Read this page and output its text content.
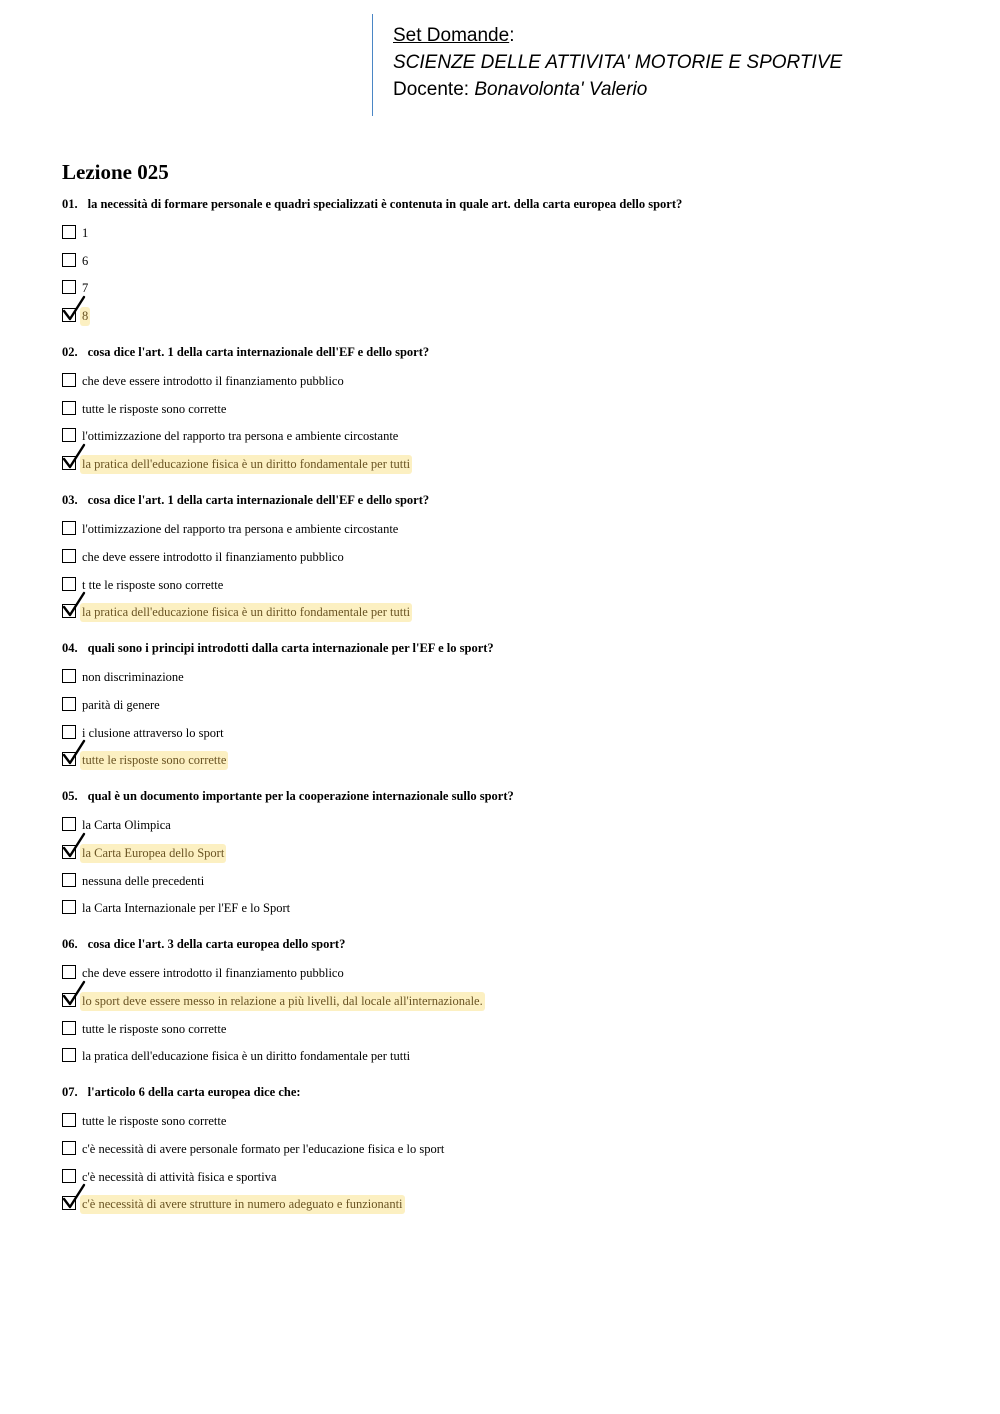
Set Domande:
SCIENZE DELLE ATTIVITA' MOTORIE E SPORTIVE
Docente: Bonavolonta' Valerio
Lezione 025
01. la necessità di formare personale e quadri specializzati è contenuta in quale art. della carta europea dello sport?
1
6
7
8
02. cosa dice l'art. 1 della carta internazionale dell'EF e dello sport?
che deve essere introdotto il finanziamento pubblico
tutte le risposte sono corrette
l'ottimizzazione del rapporto tra persona e ambiente circostante
la pratica dell'educazione fisica è un diritto fondamentale per tutti
03. cosa dice l'art. 1 della carta internazionale dell'EF e dello sport?
l'ottimizzazione del rapporto tra persona e ambiente circostante
che deve essere introdotto il finanziamento pubblico
t tte le risposte sono corrette
la pratica dell'educazione fisica è un diritto fondamentale per tutti
04. quali sono i principi introdotti dalla carta internazionale per l'EF e lo sport?
non discriminazione
parità di genere
i clusione attraverso lo sport
tutte le risposte sono corrette
05. qual è un documento importante per la cooperazione internazionale sullo sport?
la Carta Olimpica
la Carta Europea dello Sport
nessuna delle precedenti
la Carta Internazionale per l'EF e lo Sport
06. cosa dice l'art. 3 della carta europea dello sport?
che deve essere introdotto il finanziamento pubblico
lo sport deve essere messo in relazione a più livelli, dal locale all'internazionale.
tutte le risposte sono corrette
la pratica dell'educazione fisica è un diritto fondamentale per tutti
07. l'articolo 6 della carta europea dice che:
tutte le risposte sono corrette
c'è necessità di avere personale formato per l'educazione fisica e lo sport
c'è necessità di attività fisica e sportiva
c'è necessità di avere strutture in numero adeguato e funzionanti
